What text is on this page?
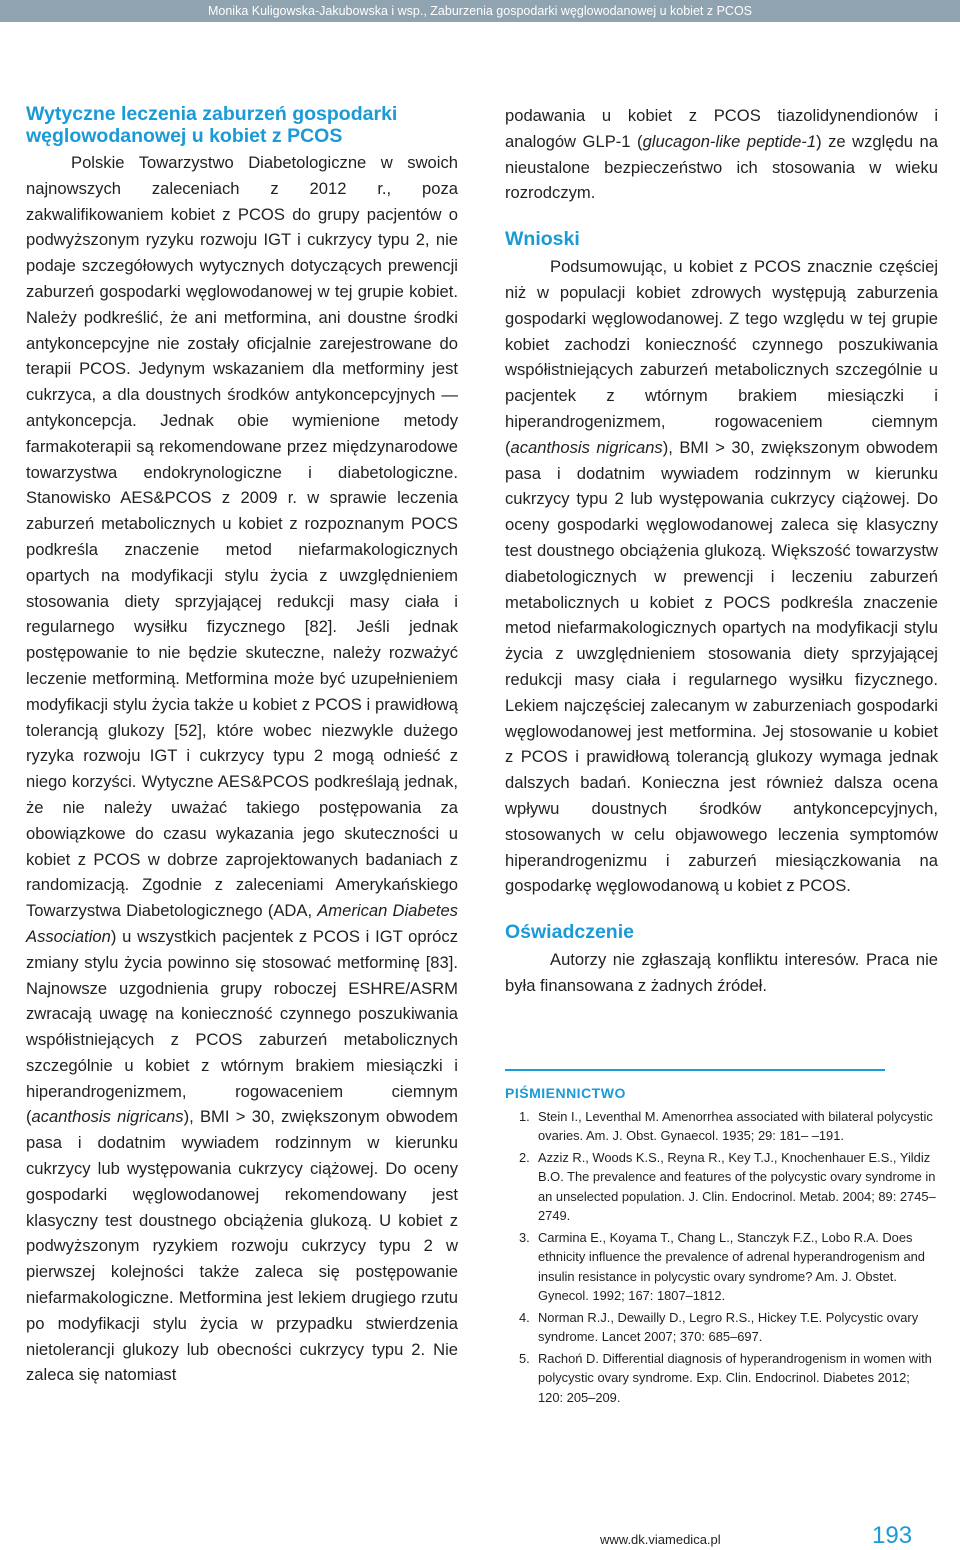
Monika Kuligowska-Jakubowska i wsp., Zaburzenia gospodarki węglowodanowej u kobiet z PCOS
Wytyczne leczenia zaburzeń gospodarki węglowodanowej u kobiet z PCOS

Polskie Towarzystwo Diabetologiczne w swoich najnowszych zaleceniach z 2012 r., poza zakwalifikowaniem kobiet z PCOS do grupy pacjentów o podwyższonym ryzyku rozwoju IGT i cukrzycy typu 2, nie podaje szczegółowych wytycznych dotyczących prewencji zaburzeń gospodarki węglowodanowej w tej grupie kobiet. Należy podkreślić, że ani metformina, ani doustne środki antykoncepcyjne nie zostały oficjalnie zarejestrowane do terapii PCOS. Jedynym wskazaniem dla metforminy jest cukrzyca, a dla doustnych środków antykoncepcyjnych — antykoncepcja. Jednak obie wymienione metody farmakoterapii są rekomendowane przez międzynarodowe towarzystwa endokrynologiczne i diabetologiczne. Stanowisko AES&PCOS z 2009 r. w sprawie leczenia zaburzeń metabolicznych u kobiet z rozpoznanym POCS podkreśla znaczenie metod niefarmakologicznych opartych na modyfikacji stylu życia z uwzględnieniem stosowania diety sprzyjającej redukcji masy ciała i regularnego wysiłku fizycznego [82]. Jeśli jednak postępowanie to nie będzie skuteczne, należy rozważyć leczenie metforminą. Metformina może być uzupełnieniem modyfikacji stylu życia także u kobiet z PCOS i prawidłową tolerancją glukozy [52], które wobec niezwykle dużego ryzyka rozwoju IGT i cukrzycy typu 2 mogą odnieść z niego korzyści. Wytyczne AES&PCOS podkreślają jednak, że nie należy uważać takiego postępowania za obowiązkowe do czasu wykazania jego skuteczności u kobiet z PCOS w dobrze zaprojektowanych badaniach z randomizacją. Zgodnie z zaleceniami Amerykańskiego Towarzystwa Diabetologicznego (ADA, American Diabetes Association) u wszystkich pacjentek z PCOS i IGT oprócz zmiany stylu życia powinno się stosować metforminę [83]. Najnowsze uzgodnienia grupy roboczej ESHRE/ASRM zwracają uwagę na konieczność czynnego poszukiwania współistniejących z PCOS zaburzeń metabolicznych szczególnie u kobiet z wtórnym brakiem miesiączki i hiperandrogenizmem, rogowaceniem ciemnym (acanthosis nigricans), BMI > 30, zwiększonym obwodem pasa i dodatnim wywiadem rodzinnym w kierunku cukrzycy lub występowania cukrzycy ciążowej. Do oceny gospodarki węglowodanowej rekomendowany jest klasyczny test doustnego obciążenia glukozą. U kobiet z podwyższonym ryzykiem rozwoju cukrzycy typu 2 w pierwszej kolejności także zaleca się postępowanie niefarmakologiczne. Metformina jest lekiem drugiego rzutu po modyfikacji stylu życia w przypadku stwierdzenia nietolerancji glukozy lub obecności cukrzycy typu 2. Nie zaleca się natomiast

podawania u kobiet z PCOS tiazolidynendionów i analogów GLP-1 (glucagon-like peptide-1) ze względu na nieustalone bezpieczeństwo ich stosowania w wieku rozrodczym.

Wnioski

Podsumowując, u kobiet z PCOS znacznie częściej niż w populacji kobiet zdrowych występują zaburzenia gospodarki węglowodanowej. Z tego względu w tej grupie kobiet zachodzi konieczność czynnego poszukiwania współistniejących zaburzeń metabolicznych szczególnie u pacjentek z wtórnym brakiem miesiączki i hiperandrogenizmem, rogowaceniem ciemnym (acanthosis nigricans), BMI > 30, zwiększonym obwodem pasa i dodatnim wywiadem rodzinnym w kierunku cukrzycy typu 2 lub występowania cukrzycy ciążowej. Do oceny gospodarki węglowodanowej zaleca się klasyczny test doustnego obciążenia glukozą. Większość towarzystw diabetologicznych w prewencji i leczeniu zaburzeń metabolicznych u kobiet z POCS podkreśla znaczenie metod niefarmakologicznych opartych na modyfikacji stylu życia z uwzględnieniem stosowania diety sprzyjającej redukcji masy ciała i regularnego wysiłku fizycznego. Lekiem najczęściej zalecanym w zaburzeniach gospodarki węglowodanowej jest metformina. Jej stosowanie u kobiet z PCOS i prawidłową tolerancją glukozy wymaga jednak dalszych badań. Konieczna jest również dalsza ocena wpływu doustnych środków antykoncepcyjnych, stosowanych w celu objawowego leczenia symptomów hiperandrogenizmu i zaburzeń miesiączkowania na gospodarkę węglowodanową u kobiet z PCOS.

Oświadczenie

Autorzy nie zgłaszają konfliktu interesów. Praca nie była finansowana z żadnych źródeł.

PIŚMIENNICTWO
1. Stein I., Leventhal M. Amenorrhea associated with bilateral polycystic ovaries. Am. J. Obst. Gynaecol. 1935; 29: 181– –191.
2. Azziz R., Woods K.S., Reyna R., Key T.J., Knochenhauer E.S., Yildiz B.O. The prevalence and features of the polycystic ovary syndrome in an unselected population. J. Clin. Endocrinol. Metab. 2004; 89: 2745–2749.
3. Carmina E., Koyama T., Chang L., Stanczyk F.Z., Lobo R.A. Does ethnicity influence the prevalence of adrenal hyperandrogenism and insulin resistance in polycystic ovary syndrome? Am. J. Obstet. Gynecol. 1992; 167: 1807–1812.
4. Norman R.J., Dewailly D., Legro R.S., Hickey T.E. Polycystic ovary syndrome. Lancet 2007; 370: 685–697.
5. Rachoń D. Differential diagnosis of hyperandrogenism in women with polycystic ovary syndrome. Exp. Clin. Endocrinol. Diabetes 2012; 120: 205–209.
www.dk.viamedica.pl	193
